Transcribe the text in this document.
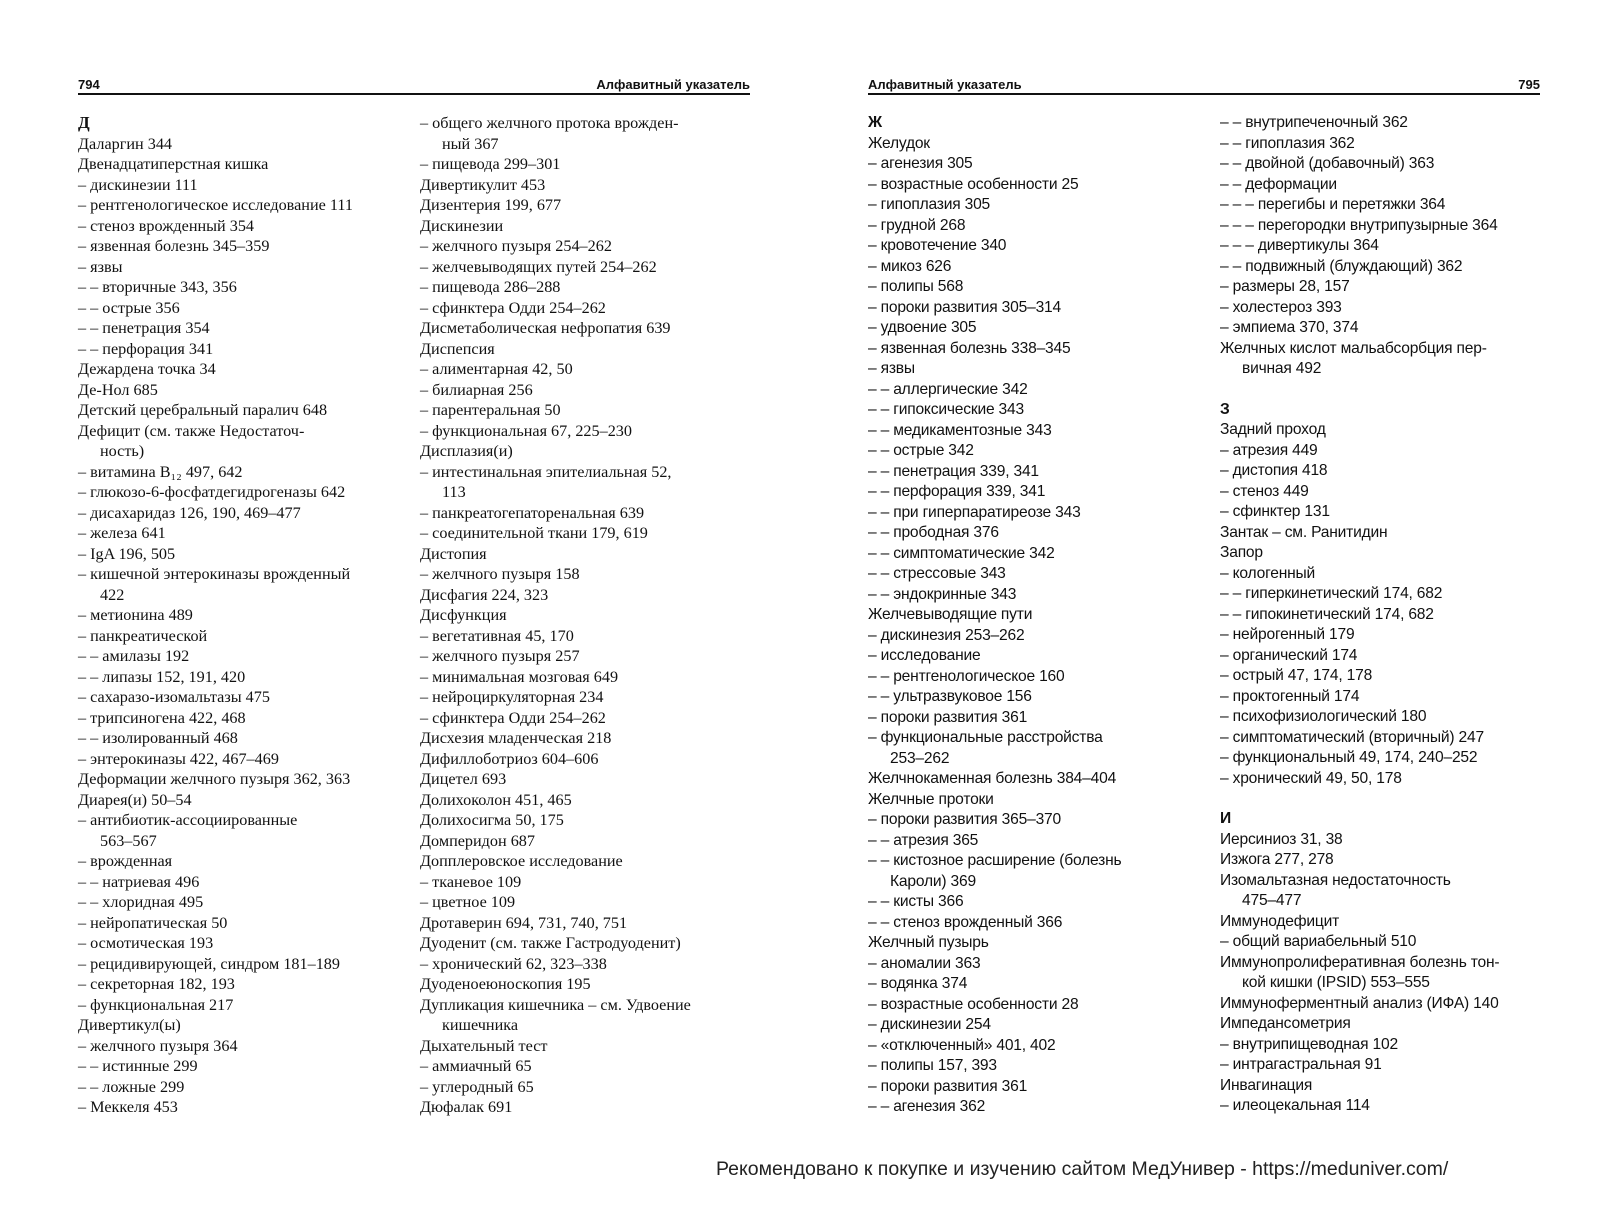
794	Алфавитный указатель
Д
Даларгин 344
Двенадцатиперстная кишка
– дискинезии 111
– рентгенологическое исследование 111
– стеноз врожденный 354
– язвенная болезнь 345–359
– язвы
– – вторичные 343, 356
– – острые 356
– – пенетрация 354
– – перфорация 341
Дежардена точка 34
Де-Нол 685
Детский церебральный паралич 648
Дефицит (см. также Недостаточ-
ность)
– витамина B₁₂ 497, 642
– глюкозо-6-фосфатдегидрогеназы 642
– дисахаридаз 126, 190, 469–477
– железа 641
– IgA 196, 505
– кишечной энтерокиназы врожденный
422
– метионина 489
– панкреатической
– – амилазы 192
– – липазы 152, 191, 420
– сахаразо-изомальтазы 475
– трипсиногена 422, 468
– – изолированный 468
– энтерокиназы 422, 467–469
Деформации желчного пузыря 362, 363
Диарея(и) 50–54
– антибиотик-ассоциированные
563–567
– врожденная
– – натриевая 496
– – хлоридная 495
– нейропатическая 50
– осмотическая 193
– рецидивирующей, синдром 181–189
– секреторная 182, 193
– функциональная 217
Дивертикул(ы)
– желчного пузыря 364
– – истинные 299
– – ложные 299
– Меккеля 453
– общего желчного протока врожден-
ный 367
– пищевода 299–301
Дивертикулит 453
Дизентерия 199, 677
Дискинезии
– желчного пузыря 254–262
– желчевыводящих путей 254–262
– пищевода 286–288
– сфинктера Одди 254–262
Дисметаболическая нефропатия 639
Диспепсия
– алиментарная 42, 50
– билиарная 256
– парентеральная 50
– функциональная 67, 225–230
Дисплазия(и)
– интестинальная эпителиальная 52,
113
– панкреатогепаторенальная 639
– соединительной ткани 179, 619
Дистопия
– желчного пузыря 158
Дисфагия 224, 323
Дисфункция
– вегетативная 45, 170
– желчного пузыря 257
– минимальная мозговая 649
– нейроциркуляторная 234
– сфинктера Одди 254–262
Дисхезия младенческая 218
Дифиллоботриоз 604–606
Дицетел 693
Долихоколон 451, 465
Долихосигма 50, 175
Домперидон 687
Допплеровское исследование
– тканевое 109
– цветное 109
Дротаверин 694, 731, 740, 751
Дуоденит (см. также Гастродуоденит)
– хронический 62, 323–338
Дуоденоеюноскопия 195
Дупликация кишечника – см. Удвоение
кишечника
Дыхательный тест
– аммиачный 65
– углеродный 65
Дюфалак 691
Алфавитный указатель	795
Ж
Желудок
– агенезия 305
– возрастные особенности 25
– гипоплазия 305
– грудной 268
– кровотечение 340
– микоз 626
– полипы 568
– пороки развития 305–314
– удвоение 305
– язвенная болезнь 338–345
– язвы
– – аллергические 342
– – гипоксические 343
– – медикаментозные 343
– – острые 342
– – пенетрация 339, 341
– – перфорация 339, 341
– – при гиперпаратиреозе 343
– – прободная 376
– – симптоматические 342
– – стрессовые 343
– – эндокринные 343
Желчевыводящие пути
– дискинезия 253–262
– исследование
– – рентгенологическое 160
– – ультразвуковое 156
– пороки развития 361
– функциональные расстройства
253–262
Желчнокаменная болезнь 384–404
Желчные протоки
– пороки развития 365–370
– – атрезия 365
– – кистозное расширение (болезнь
Кароли) 369
– – кисты 366
– – стеноз врожденный 366
Желчный пузырь
– аномалии 363
– водянка 374
– возрастные особенности 28
– дискинезии 254
– «отключенный» 401, 402
– полипы 157, 393
– пороки развития 361
– – агенезия 362
– – внутрипеченочный 362
– – гипоплазия 362
– – двойной (добавочный) 363
– – деформации
– – – перегибы и перетяжки 364
– – – перегородки внутрипузырные 364
– – – дивертикулы 364
– – подвижный (блуждающий) 362
– размеры 28, 157
– холестероз 393
– эмпиема 370, 374
Желчных кислот мальабсорбция пер-
вичная 492
З
Задний проход
– атрезия 449
– дистопия 418
– стеноз 449
– сфинктер 131
Зантак – см. Ранитидин
Запор
– кологенный
– – гиперкинетический 174, 682
– – гипокинетический 174, 682
– нейрогенный 179
– органический 174
– острый 47, 174, 178
– проктогенный 174
– психофизиологический 180
– симптоматический (вторичный) 247
– функциональный 49, 174, 240–252
– хронический 49, 50, 178
И
Иерсиниоз 31, 38
Изжога 277, 278
Изомальтазная недостаточность
475–477
Иммунодефицит
– общий вариабельный 510
Иммунопролиферативная болезнь тон-
кой кишки (IPSID) 553–555
Иммуноферментный анализ (ИФА) 140
Импедансометрия
– внутрипищеводная 102
– интрагастральная 91
Инвагинация
– илеоцекальная 114
Рекомендовано к покупке и изучению сайтом МедУнивер - https://meduniver.com/
